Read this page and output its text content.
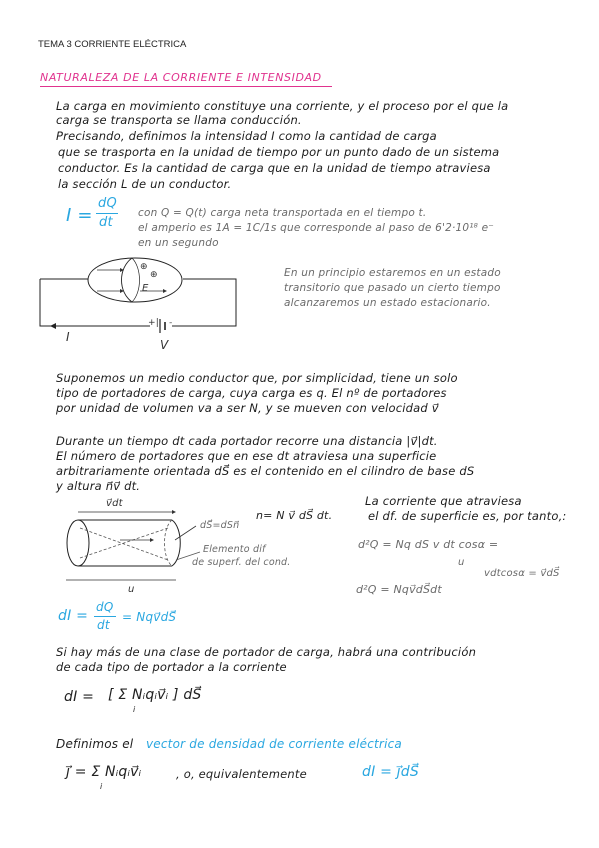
TEMA 3 CORRIENTE ELÉCTRICA
NATURALEZA DE LA CORRIENTE E INTENSIDAD
La carga en movimiento constituye una corriente, y el proceso por el que la
carga se transporta se llama conducción.
Precisando, definimos la intensidad I como la cantidad de carga
que se trasporta en la unidad de tiempo por un punto dado de un sistema
conductor. Es la cantidad de carga que en la unidad de tiempo atraviesa
la sección L de un conductor.
I =
dQ
dt
con Q = Q(t) carga neta transportada en el tiempo t.
el amperio es 1A = 1C/1s que corresponde al paso de 6'2·10¹⁸ e⁻
en un segundo
⊕
⊕
E
+| -
I
V
En un principio estaremos en un estado
transitorio que pasado un cierto tiempo
alcanzaremos un estado estacionario.
Suponemos un medio conductor que, por simplicidad, tiene un solo
tipo de portadores de carga, cuya carga es q. El nº de portadores
por unidad de volumen va a ser N, y se mueven con velocidad v⃗
Durante un tiempo dt cada portador recorre una distancia |v⃗|dt.
El número de portadores que en ese dt atraviesa una superficie
arbitrariamente orientada dS⃗ es el contenido en el cilindro de base dS
y altura n⃗v⃗ dt.
v⃗dt
dS⃗=dSn⃗
Elemento dif
de superf. del cond.
u
n= N v⃗ dS⃗ dt.
La corriente que atraviesa
el df. de superficie es, por tanto,:
d²Q = Nq dS v dt cosα =
u
vdtcosα = v⃗dS⃗
d²Q = Nqv⃗dS⃗dt
dI =
dQ
dt
= Nqv⃗dS⃗
Si hay más de una clase de portador de carga, habrá una contribución
de cada tipo de portador a la corriente
dI = [ Σ Nᵢqᵢv⃗ᵢ ] dS⃗
i
Definimos el vector de densidad de corriente eléctrica
j⃗ = Σ Nᵢqᵢv⃗ᵢ
i
, o, equivalentemente	dI = j⃗dS⃗
